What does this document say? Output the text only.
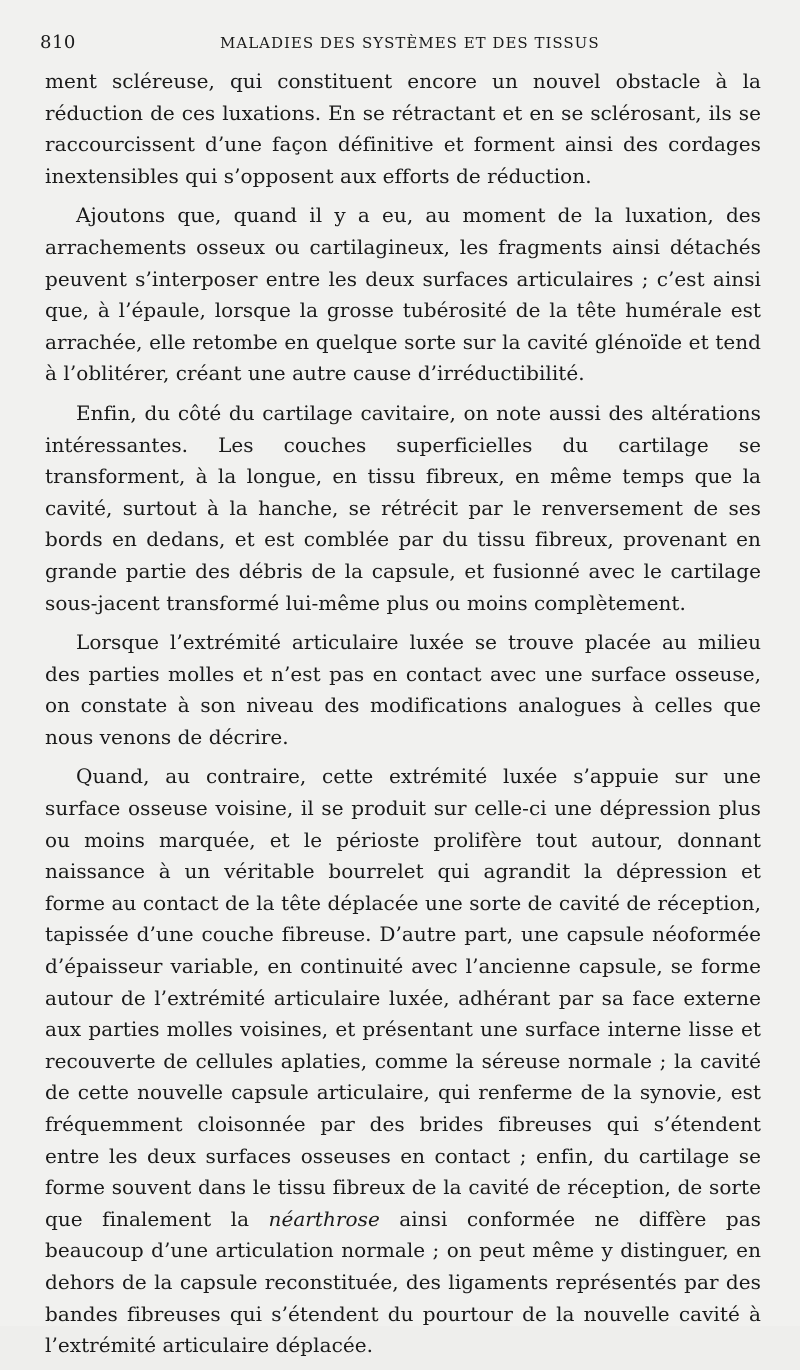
810	MALADIES DES SYSTÈMES ET DES TISSUS

ment scléreuse, qui constituent encore un nouvel obstacle à la réduction de ces luxations. En se rétractant et en se sclérosant, ils se raccourcissent d’une façon définitive et forment ainsi des cordages inextensibles qui s’opposent aux efforts de réduction.

Ajoutons que, quand il y a eu, au moment de la luxation, des arrachements osseux ou cartilagineux, les fragments ainsi détachés peuvent s’interposer entre les deux surfaces articulaires ; c’est ainsi que, à l’épaule, lorsque la grosse tubérosité de la tête humérale est arrachée, elle retombe en quelque sorte sur la cavité glénoïde et tend à l’oblitérer, créant une autre cause d’irréductibilité.

Enfin, du côté du cartilage cavitaire, on note aussi des altérations intéressantes. Les couches superficielles du cartilage se transforment, à la longue, en tissu fibreux, en même temps que la cavité, surtout à la hanche, se rétrécit par le renversement de ses bords en dedans, et est comblée par du tissu fibreux, provenant en grande partie des débris de la capsule, et fusionné avec le cartilage sous-jacent transformé lui-même plus ou moins complètement.

Lorsque l’extrémité articulaire luxée se trouve placée au milieu des parties molles et n’est pas en contact avec une surface osseuse, on constate à son niveau des modifications analogues à celles que nous venons de décrire.

Quand, au contraire, cette extrémité luxée s’appuie sur une surface osseuse voisine, il se produit sur celle-ci une dépression plus ou moins marquée, et le périoste prolifère tout autour, donnant naissance à un véritable bourrelet qui agrandit la dépression et forme au contact de la tête déplacée une sorte de cavité de réception, tapissée d’une couche fibreuse. D’autre part, une capsule néoformée d’épaisseur variable, en continuité avec l’ancienne capsule, se forme autour de l’extrémité articulaire luxée, adhérant par sa face externe aux parties molles voisines, et présentant une surface interne lisse et recouverte de cellules aplaties, comme la séreuse normale ; la cavité de cette nouvelle capsule articulaire, qui renferme de la synovie, est fréquemment cloisonnée par des brides fibreuses qui s’étendent entre les deux surfaces osseuses en contact ; enfin, du cartilage se forme souvent dans le tissu fibreux de la cavité de réception, de sorte que finalement la néarthrose ainsi conformée ne diffère pas beaucoup d’une articulation normale ; on peut même y distinguer, en dehors de la capsule reconstituée, des ligaments représentés par des bandes fibreuses qui s’étendent du pourtour de la nouvelle cavité à l’extrémité articulaire déplacée.
